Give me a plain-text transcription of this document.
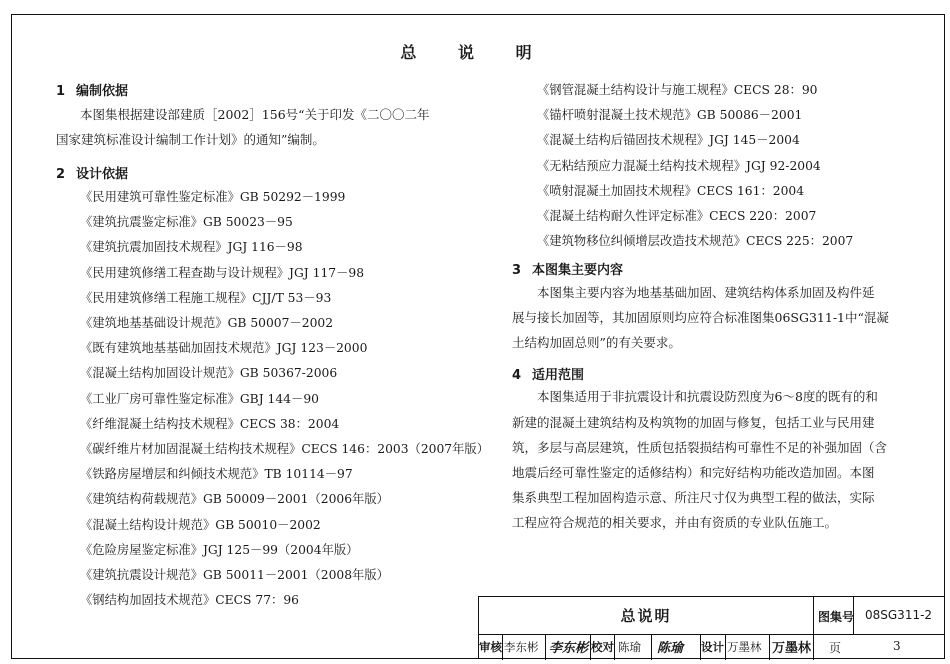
总 说 明
1 编制依据
本图集根据建设部建质［2002］156号“关于印发《二〇〇二年
国家建筑标准设计编制工作计划》的通知”编制。
2 设计依据
《民用建筑可靠性鉴定标准》GB 50292－1999
《建筑抗震鉴定标准》GB 50023－95
《建筑抗震加固技术规程》JGJ 116－98
《民用建筑修缮工程查勘与设计规程》JGJ 117－98
《民用建筑修缮工程施工规程》CJJ/T 53－93
《建筑地基基础设计规范》GB 50007－2002
《既有建筑地基基础加固技术规范》JGJ 123－2000
《混凝土结构加固设计规范》GB 50367-2006
《工业厂房可靠性鉴定标准》GBJ 144－90
《纤维混凝土结构技术规程》CECS 38：2004
《碳纤维片材加固混凝土结构技术规程》CECS 146：2003（2007年版）
《铁路房屋增层和纠倾技术规范》TB 10114－97
《建筑结构荷载规范》GB 50009－2001（2006年版）
《混凝土结构设计规范》GB 50010－2002
《危险房屋鉴定标准》JGJ 125－99（2004年版）
《建筑抗震设计规范》GB 50011－2001（2008年版）
《钢结构加固技术规范》CECS 77：96
《钢管混凝土结构设计与施工规程》CECS 28：90
《锚杆喷射混凝土技术规范》GB 50086－2001
《混凝土结构后锚固技术规程》JGJ 145－2004
《无粘结预应力混凝土结构技术规程》JGJ 92-2004
《喷射混凝土加固技术规程》CECS 161：2004
《混凝土结构耐久性评定标准》CECS 220：2007
《建筑物移位纠倾增层改造技术规范》CECS 225：2007
3 本图集主要内容
本图集主要内容为地基基础加固、建筑结构体系加固及构件延
展与接长加固等，其加固原则均应符合标准图集06SG311-1中“混凝
土结构加固总则”的有关要求。
4 适用范围
本图集适用于非抗震设计和抗震设防烈度为6～8度的既有的和
新建的混凝土建筑结构及构筑物的加固与修复，包括工业与民用建
筑，多层与高层建筑，性质包括裂损结构可靠性不足的补强加固（含
地震后经可靠性鉴定的适修结构）和完好结构功能改造加固。本图
集系典型工程加固构造示意、所注尺寸仅为典型工程的做法，实际
工程应符合规范的相关要求，并由有资质的专业队伍施工。
总说明	图集号 08SG311-2
审核 李东彬 李东彬 校对 陈瑜 陈瑜 设计 万墨林 万墨林 页	3
